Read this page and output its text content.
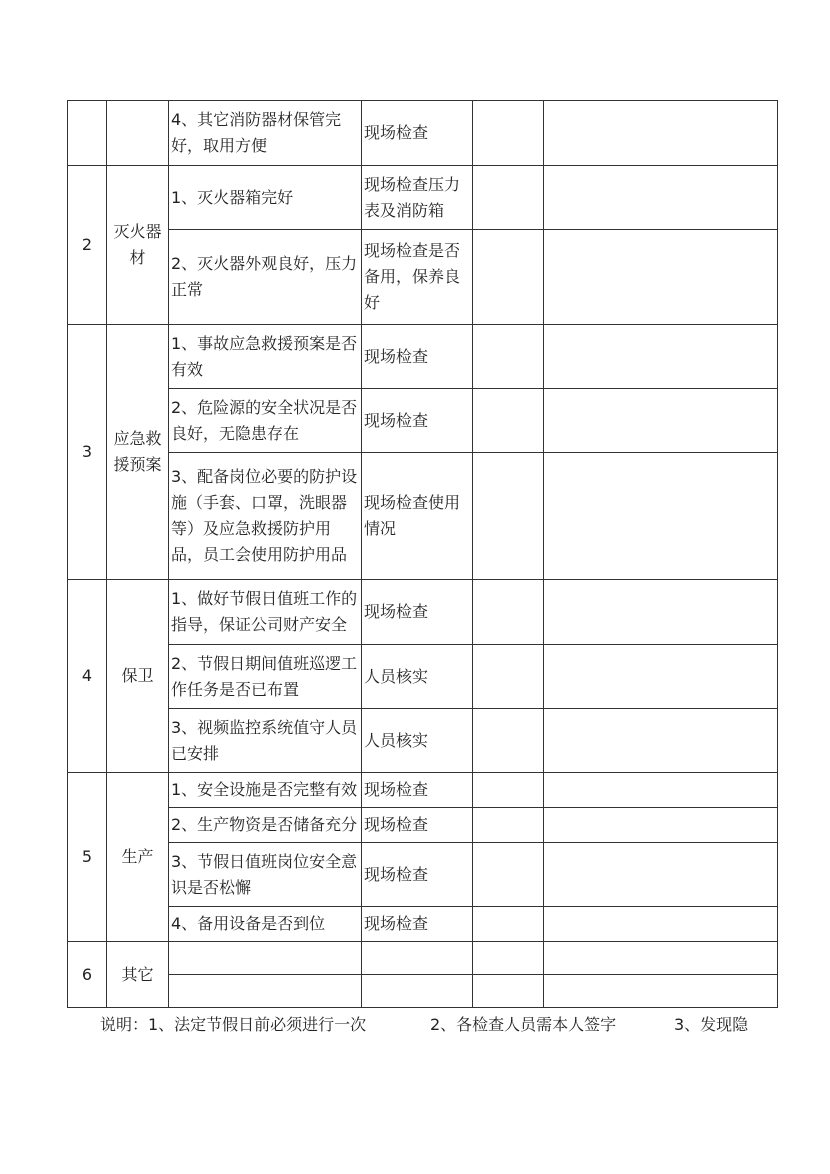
		4、其它消防器材保管完好，取用方便	现场检查		
2	灭火器材	1、灭火器箱完好	现场检查压力表及消防箱		
		2、灭火器外观良好，压力正常	现场检查是否备用，保养良好		
3	应急救援预案	1、事故应急救援预案是否有效	现场检查		
		2、危险源的安全状况是否良好，无隐患存在	现场检查		
		3、配备岗位必要的防护设施（手套、口罩，洗眼器等）及应急救援防护用品，员工会使用防护用品	现场检查使用情况		
4	保卫	1、做好节假日值班工作的指导，保证公司财产安全	现场检查		
		2、节假日期间值班巡逻工作任务是否已布置	人员核实		
		3、视频监控系统值守人员已安排	人员核实		
5	生产	1、安全设施是否完整有效	现场检查		
		2、生产物资是否储备充分	现场检查		
		3、节假日值班岗位安全意识是否松懈	现场检查		
		4、备用设备是否到位	现场检查		
6	其它				

说明：1、法定节假日前必须进行一次	2、各检查人员需本人签字	3、发现隐
